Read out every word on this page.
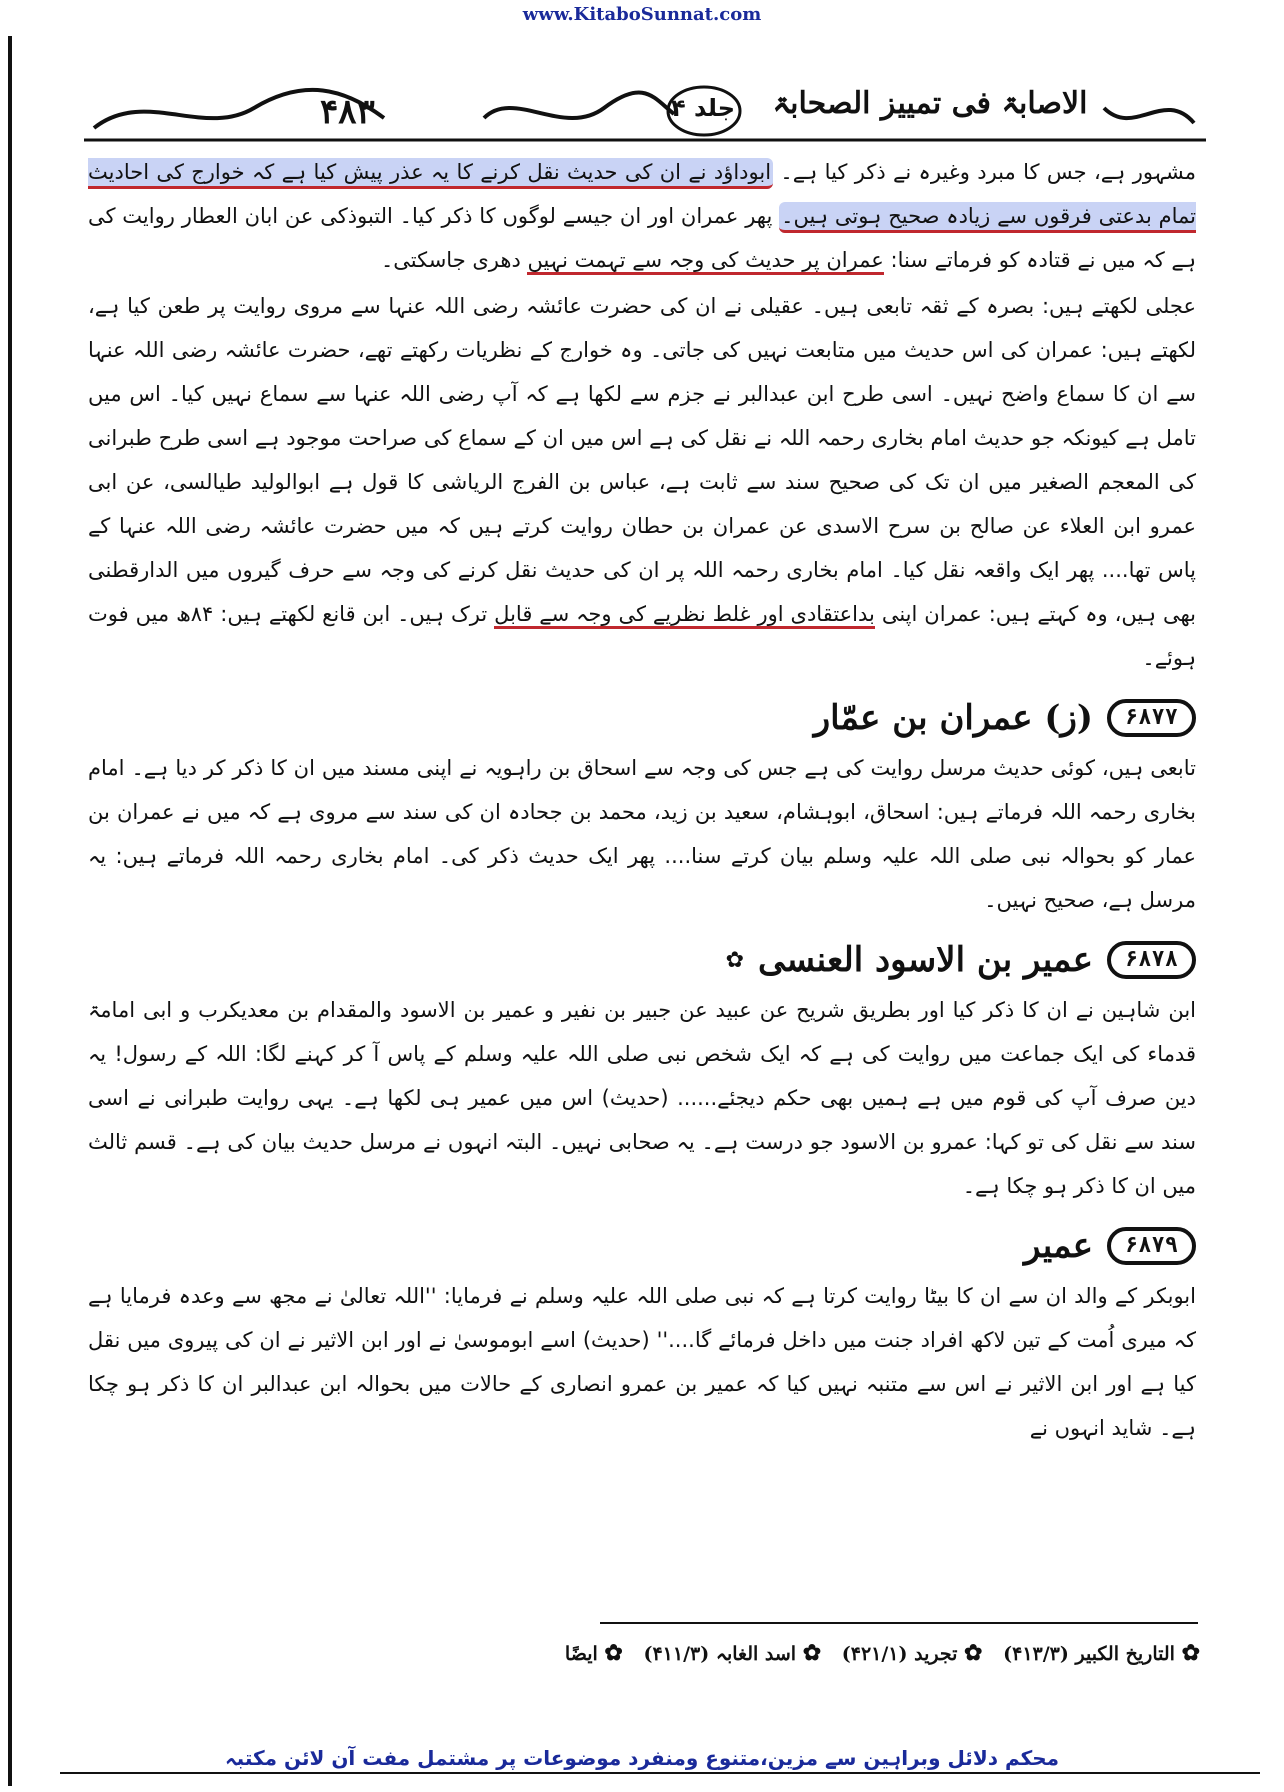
www.KitaboSunnat.com
۴۸۳	جلد ۴	الاصابۃ فی تمییز الصحابۃ

مشہور ہے، جس کا مبرد وغیرہ نے ذکر کیا ہے۔ ابوداؤد نے ان کی حدیث نقل کرنے کا یہ عذر پیش کیا ہے کہ خوارج کی احادیث تمام بدعتی فرقوں سے زیادہ صحیح ہوتی ہیں۔ پھر عمران اور ان جیسے لوگوں کا ذکر کیا۔ التبوذکی عن ابان العطار روایت کی ہے کہ میں نے قتادہ کو فرماتے سنا: عمران پر حدیث کی وجہ سے تہمت نہیں دھری جاسکتی۔

عجلی لکھتے ہیں: بصرہ کے ثقہ تابعی ہیں۔ عقیلی نے ان کی حضرت عائشہ رضی اللہ عنہا سے مروی روایت پر طعن کیا ہے، لکھتے ہیں: عمران کی اس حدیث میں متابعت نہیں کی جاتی۔ وہ خوارج کے نظریات رکھتے تھے، حضرت عائشہ رضی اللہ عنہا سے ان کا سماع واضح نہیں۔ اسی طرح ابن عبدالبر نے جزم سے لکھا ہے کہ آپ رضی اللہ عنہا سے سماع نہیں کیا۔ اس میں تامل ہے کیونکہ جو حدیث امام بخاری رحمہ اللہ نے نقل کی ہے اس میں ان کے سماع کی صراحت موجود ہے اسی طرح طبرانی کی المعجم الصغیر میں ان تک کی صحیح سند سے ثابت ہے، عباس بن الفرج الریاشی کا قول ہے ابوالولید طیالسی، عن ابی عمرو ابن العلاء عن صالح بن سرح الاسدی عن عمران بن حطان روایت کرتے ہیں کہ میں حضرت عائشہ رضی اللہ عنہا کے پاس تھا.... پھر ایک واقعہ نقل کیا۔ امام بخاری رحمہ اللہ پر ان کی حدیث نقل کرنے کی وجہ سے حرف گیروں میں الدارقطنی بھی ہیں، وہ کہتے ہیں: عمران اپنی بداعتقادی اور غلط نظریے کی وجہ سے قابل ترک ہیں۔ ابن قانع لکھتے ہیں: ۸۴ھ میں فوت ہوئے۔

۶۸۷۷
(ز) عمران بن عمّار

تابعی ہیں، کوئی حدیث مرسل روایت کی ہے جس کی وجہ سے اسحاق بن راہویہ نے اپنی مسند میں ان کا ذکر کر دیا ہے۔ امام بخاری رحمہ اللہ فرماتے ہیں: اسحاق، ابوہشام، سعید بن زید، محمد بن جحادہ ان کی سند سے مروی ہے کہ میں نے عمران بن عمار کو بحوالہ نبی صلی اللہ علیہ وسلم بیان کرتے سنا.... پھر ایک حدیث ذکر کی۔ امام بخاری رحمہ اللہ فرماتے ہیں: یہ مرسل ہے، صحیح نہیں۔

۶۸۷۸
عمیر بن الاسود العنسی
✿

ابن شاہین نے ان کا ذکر کیا اور بطریق شریح عن عبید عن جبیر بن نفیر و عمیر بن الاسود والمقدام بن معدیکرب و ابی امامۃ قدماء کی ایک جماعت میں روایت کی ہے کہ ایک شخص نبی صلی اللہ علیہ وسلم کے پاس آ کر کہنے لگا: اللہ کے رسول! یہ دین صرف آپ کی قوم میں ہے ہمیں بھی حکم دیجئے...... (حدیث) اس میں عمیر ہی لکھا ہے۔ یہی روایت طبرانی نے اسی سند سے نقل کی تو کہا: عمرو بن الاسود جو درست ہے۔ یہ صحابی نہیں۔ البتہ انہوں نے مرسل حدیث بیان کی ہے۔ قسم ثالث میں ان کا ذکر ہو چکا ہے۔

۶۸۷۹
عمیر

ابوبکر کے والد ان سے ان کا بیٹا روایت کرتا ہے کہ نبی صلی اللہ علیہ وسلم نے فرمایا: ''اللہ تعالیٰ نے مجھ سے وعدہ فرمایا ہے کہ میری اُمت کے تین لاکھ افراد جنت میں داخل فرمائے گا....'' (حدیث) اسے ابوموسیٰ نے اور ابن الاثیر نے ان کی پیروی میں نقل کیا ہے اور ابن الاثیر نے اس سے متنبہ نہیں کیا کہ عمیر بن عمرو انصاری کے حالات میں بحوالہ ابن عبدالبر ان کا ذکر ہو چکا ہے۔ شاید انہوں نے

✿ التاریخ الکبیر (۴۱۳/۳) ✿ تجرید (۴۲۱/۱) ✿ اسد الغابہ (۴۱۱/۳) ✿ ایضًا
محکم دلائل وبراہین سے مزین،متنوع ومنفرد موضوعات پر مشتمل مفت آن لائن مکتبہ
